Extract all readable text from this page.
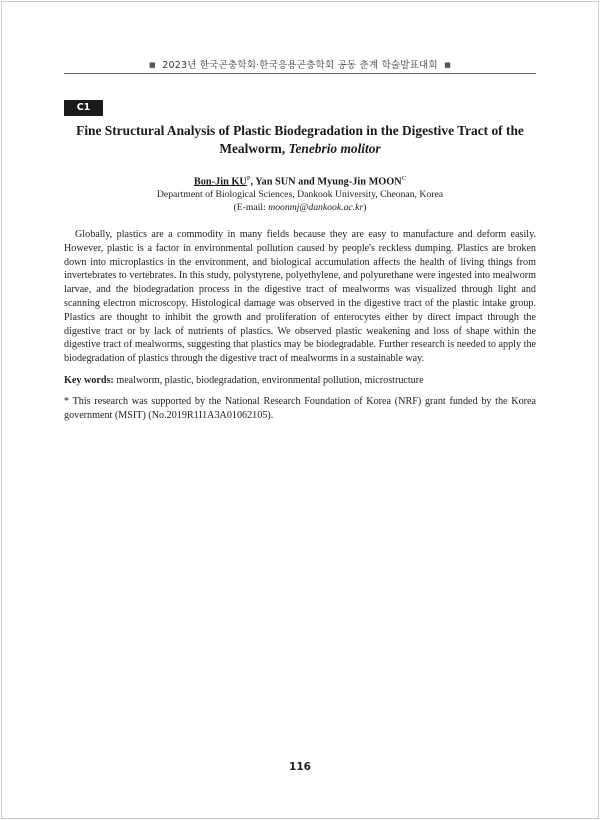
■ 2023년 한국곤충학회·한국응용곤충학회 공동 춘계 학술발표대회 ■
C1
Fine Structural Analysis of Plastic Biodegradation in the Digestive Tract of the Mealworm, Tenebrio molitor
Bon-Jin $KU^P$, Yan SUN and Myung-Jin $MOON^C$
Department of Biological Sciences, Dankook University, Cheonan, Korea
(E-mail: moonmj@dankook.ac.kr)
Globally, plastics are a commodity in many fields because they are easy to manufacture and deform easily. However, plastic is a factor in environmental pollution caused by people's reckless dumping. Plastics are broken down into microplastics in the environment, and biological accumulation affects the health of living things from invertebrates to vertebrates. In this study, polystyrene, polyethylene, and polyurethane were ingested into mealworm larvae, and the biodegradation process in the digestive tract of mealworms was visualized through light and scanning electron microscopy. Histological damage was observed in the digestive tract of the plastic intake group. Plastics are thought to inhibit the growth and proliferation of enterocytes either by direct impact through the digestive tract or by lack of nutrients of plastics. We observed plastic weakening and loss of shape within the digestive tract of mealworms, suggesting that plastics may be biodegradable. Further research is needed to apply the biodegradation of plastics through the digestive tract of mealworms in a sustainable way.
Key words: mealworm, plastic, biodegradation, environmental pollution, microstructure
* This research was supported by the National Research Foundation of Korea (NRF) grant funded by the Korea government (MSIT) (No.2019R1I1A3A01062105).
116
